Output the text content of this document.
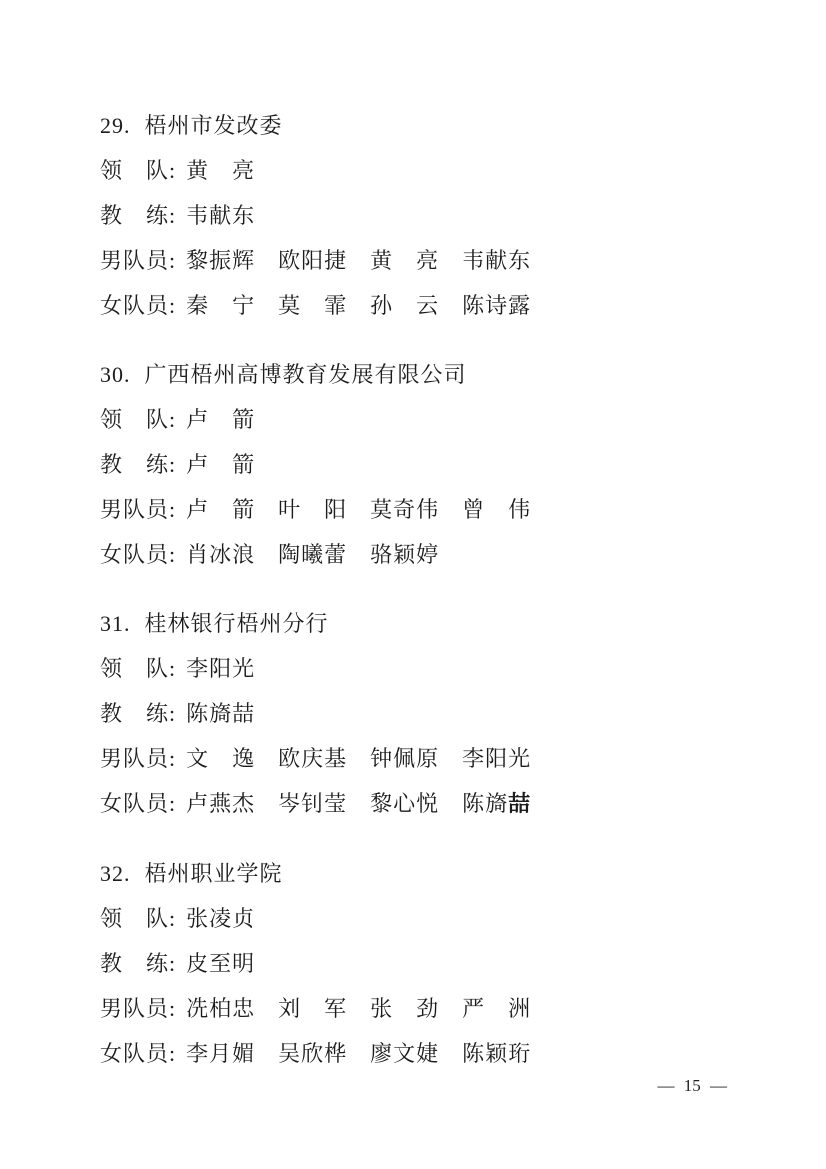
29. 梧州市发改委
领　队: 黄　亮
教　练: 韦献东
男队员: 黎振辉　欧阳捷　黄　亮　韦献东
女队员: 秦　宁　莫　霏　孙　云　陈诗露
30. 广西梧州高博教育发展有限公司
领　队: 卢　箭
教　练: 卢　箭
男队员: 卢　箭　叶　阳　莫奇伟　曾　伟
女队员: 肖冰浪　陶曦蕾　骆颖婷
31. 桂林银行梧州分行
领　队: 李阳光
教　练: 陈旖喆
男队员: 文　逸　欧庆基　钟佩原　李阳光
女队员: 卢燕杰　岑钊莹　黎心悦　陈旖喆
32. 梧州职业学院
领　队: 张凌贞
教　练: 皮至明
男队员: 冼柏忠　刘　军　张　劲　严　洲
女队员: 李月媚　吴欣桦　廖文婕　陈颖珩
— 15 —
